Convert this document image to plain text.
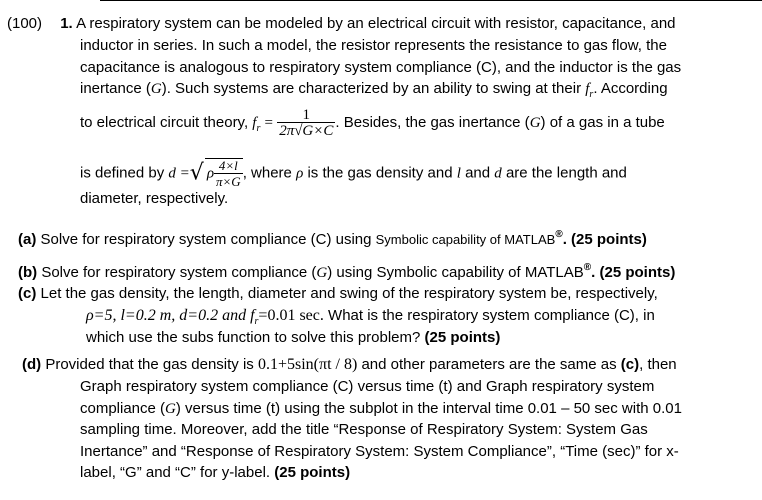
(100) 1. A respiratory system can be modeled by an electrical circuit with resistor, capacitance, and
inductor in series. In such a model, the resistor represents the resistance to gas flow, the
capacitance is analogous to respiratory system compliance (C), and the inductor is the gas
inertance (G). Such systems are characterized by an ability to swing at their $f_r$. According
to electrical circuit theory, $f_r = \frac{1}{2\pi√G\times C}$ . Besides, the gas inertance (G) of a gas in a tube
is defined by d =√ ρ $\frac{4\times l}{\pi\times G}$ , where ρ is the gas density and l and d are the length and
diameter, respectively.
(a) Solve for respiratory system compliance (C) using Symbolic capability of MATLAB®. (25 points)
(b) Solve for respiratory system compliance (G) using Symbolic capability of MATLAB®. (25 points)
(c) Let the gas density, the length, diameter and swing of the respiratory system be, respectively,
ρ=5, l=0.2 m, d=0.2 and $f_r=0.01$ sec. What is the respiratory system compliance (C), in
which use the subs function to solve this problem? (25 points)
(d) Provided that the gas density is 0.1+5sin(πt / 8) and other parameters are the same as (c), then
Graph respiratory system compliance (C) versus time (t) and Graph respiratory system
compliance (G) versus time (t) using the subplot in the interval time 0.01 – 50 sec with 0.01
sampling time. Moreover, add the title “Response of Respiratory System: System Gas
Inertance” and “Response of Respiratory System: System Compliance”, “Time (sec)” for x-
label, “G” and “C” for y-label. (25 points)
